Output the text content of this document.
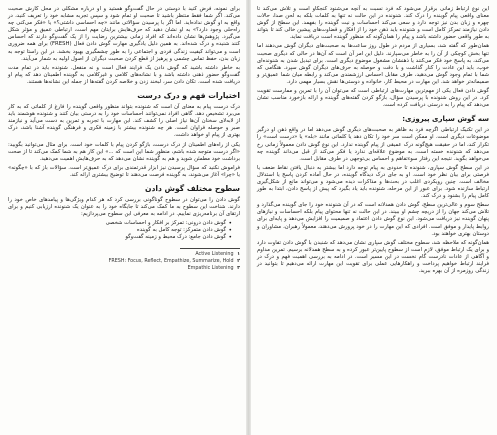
برای نمونه، فرض کنید با دوستی در حال گفت‌وگو هستید و او درباره مشکلی در محل کارش صحبت می‌کند. اگر شما فقط منتظر باشید تا صحبت او تمام شود و سپس تجربه مشابه خود را تعریف کنید، در واقع به او گوش نداده‌اید. اما اگر با پرسیدن سؤالاتی مانند «چه احساسی داشتی؟» یا «فکر می‌کنی چه راه‌حلی وجود دارد؟» به او نشان دهید که حرف‌هایش برایتان مهم است، ارتباطی عمیق و مؤثر شکل می‌گیرد. پژوهش‌ها نشان داده‌اند که افراد زمانی بیشترین رضایت را از یک گفت‌وگو دارند که احساس کنند شنیده و درک شده‌اند. به همین دلیل یادگیری مهارت گوش دادن فعال (FRESH) برای همه ضروری است و می‌تواند کیفیت زندگی فردی و اجتماعی را به طور چشمگیری بهبود بخشد. در این راستا توجه به زبان بدن، حفظ تماس چشمی و پرهیز از قطع کردن صحبت دیگران از اصول اولیه به شمار می‌آیند.

به خاطر داشته باشید که گوش دادن یک فرایند فعال است و نه منفعل. شنونده باید در تمام مدت گفت‌وگو حضور ذهنی داشته باشد و با نشانه‌های کلامی و غیرکلامی به گوینده اطمینان دهد که پیام او دریافت شده است. تکان دادن سر، لبخند زدن و خلاصه کردن گفته‌ها از جمله این نشانه‌ها هستند.

اختیارات فهم و درک درست

درک درست پیام به معنای آن است که شنونده بتواند منظور واقعی گوینده را فارغ از کلماتی که به کار می‌برد تشخیص دهد. گاهی افراد نمی‌توانند احساسات خود را به درستی بیان کنند و شنونده هوشمند باید از لابه‌لای سخنان آن‌ها نیاز اصلی را کشف کند. این مهارت با تجربه و تمرین به دست می‌آید و نیازمند صبر و حوصله فراوان است. هر چه شنونده بیشتر با زمینه فکری و فرهنگی گوینده آشنا باشد، درک بهتری از پیام او خواهد داشت.

یکی از راه‌های اطمینان از درک درست، بازگو کردن پیام با کلمات خود است. برای مثال می‌توانید بگویید: «اگر درست متوجه شده باشم، منظور شما این است که ...» این کار هم به شما کمک می‌کند تا از صحت برداشت خود مطمئن شوید و هم به گوینده نشان می‌دهد که به حرف‌هایش اهمیت می‌دهید.

فراموش نکنید که سؤال پرسیدن نیز ابزار قدرتمندی برای درک عمیق‌تر است. سؤالات باز که با «چگونه» یا «چرا» آغاز می‌شوند، به گوینده فرصت می‌دهند تا توضیح بیشتری ارائه کند.

سطوح مختلف گوش دادن

گوش دادن را می‌توان در سطوح گوناگونی بررسی کرد که هر کدام ویژگی‌ها و پیامدهای خاص خود را دارند. شناخت این سطوح به ما کمک می‌کند تا جایگاه خود را به عنوان یک شنونده ارزیابی کنیم و برای ارتقای آن برنامه‌ریزی نماییم. در ادامه به معرفی این سطوح می‌پردازیم:

• گوش دادن درونی: تمرکز بر افکار و احساسات شخصی
• گوش دادن متمرکز: توجه کامل به گوینده
• گوش دادن جامع: درک محیط و زمینه گفت‌وگو

۱ Active Listening

۲ FRESH: Focus, Reflect, Empathize, Summarize, Hold

۳ Empathic Listening

این نوع ارتباط زمانی برقرار می‌شود که فرد نسبت به آنچه می‌شنود کنجکاو است و تلاش می‌کند تا معنای واقعی پیام گوینده را درک کند. شنونده در این حالت نه تنها به کلمات بلکه به لحن صدا، حالات چهره و زبان بدن نیز توجه دارد و سعی می‌کند احساسات و نیت گوینده را بفهمد. این سطح از گوش دادن نیازمند تمرکز کامل است و شنونده باید ذهن خود را از افکار و قضاوت‌های پیشین خالی کند تا بتواند به طور واقعی حضور داشته باشد و پیام را همان‌گونه که منظور گوینده است دریافت نماید.

همان‌طور که گفته شد، بسیاری از مردم در طول روز ساعت‌ها به صحبت‌های دیگران گوش می‌دهند اما تنها بخش کوچکی از آن را به خاطر می‌سپارند. دلیل این امر آن است که آن‌ها در حالی که دیگری صحبت می‌کند، به پاسخ خود فکر می‌کنند یا ذهنشان مشغول موضوع دیگری است. برای تبدیل شدن به شنونده‌ای خوب، باید این عادت را کنار گذاشت و با دقت و حوصله به حرف‌های دیگران گوش سپرد. هنگامی که شما با تمام وجود گوش می‌دهید، طرف مقابل احساس ارزشمندی می‌کند و رابطه میان شما عمیق‌تر و صمیمانه‌تر خواهد شد. این مهارت در محیط کار، خانواده و دوستی‌ها نقش بسیار مهمی دارد.

گوش دادن فعال یکی از مهم‌ترین مهارت‌های ارتباطی است که می‌توان آن را با تمرین و ممارست تقویت کرد. در این روش شنونده با پرسیدن سؤال، بازگو کردن گفته‌های گوینده و ارائه بازخورد مناسب نشان می‌دهد که پیام را به درستی دریافت کرده است.

سه گوش سپاری پیروزی:

در این تکنیک ارتباطی اگرچه فرد به ظاهر به صحبت‌های دیگری گوش می‌دهد اما در واقع ذهن او درگیر موضوعات دیگری است. او ممکن است سر خود را تکان دهد یا کلماتی مانند «بله» یا «درست است» را تکرار کند، اما در حقیقت هیچ‌گونه درک عمیقی از پیام گوینده ندارد. این نوع گوش دادن معمولاً زمانی رخ می‌دهد که شنونده خسته است، به موضوع علاقه‌ای ندارد یا فکر می‌کند از قبل می‌داند گوینده چه می‌خواهد بگوید. نتیجه این رفتار سوءتفاهم و احساس بی‌توجهی در طرف مقابل است.

در این سطح گوش سپاری، شنونده تا حدودی به پیام توجه دارد اما بیشتر به دنبال یافتن نقاط ضعف یا فرصتی برای بیان نظر خود است. او به جای درک دیدگاه گوینده، در حال آماده کردن پاسخ یا استدلال مخالف است. چنین رویکردی اغلب در بحث‌ها و مذاکرات دیده می‌شود و می‌تواند مانع از شکل‌گیری ارتباط سازنده شود. برای عبور از این مرحله، شنونده باید یاد بگیرد که پیش از پاسخ دادن، ابتدا به طور کامل پیام را بشنود و درک کند.

سطح سوم و عالی‌ترین سطح، گوش دادن همدلانه است که در آن شنونده خود را جای گوینده می‌گذارد و تلاش می‌کند جهان را از دریچه چشم او ببیند. در این حالت نه تنها محتوای پیام بلکه احساسات و نیازهای پنهان گوینده نیز دریافت می‌شود. این نوع گوش دادن اعتماد و صمیمیت را افزایش می‌دهد و پایه‌ای برای روابط پایدار و موفق است. افرادی که این مهارت را در خود پرورش می‌دهند، معمولاً رهبران، مشاوران و دوستان بهتری خواهند بود.

همان‌گونه که ملاحظه شد، سطوح مختلف گوش سپاری نشان می‌دهد که شنیدن با گوش دادن تفاوت دارد و برای یک ارتباط موفق، لازم است از سطوح پایین‌تر عبور کرده و به سطح همدلانه برسیم. تمرین مداوم و آگاهی از عادات نادرست گام نخست در این مسیر است. در ادامه به بررسی اهمیت فهم و درک در فرایند ارتباط خواهیم پرداخت و راهکارهایی عملی برای تقویت این مهارت ارائه می‌دهیم تا بتوانید در زندگی روزمره از آن بهره ببرید.
